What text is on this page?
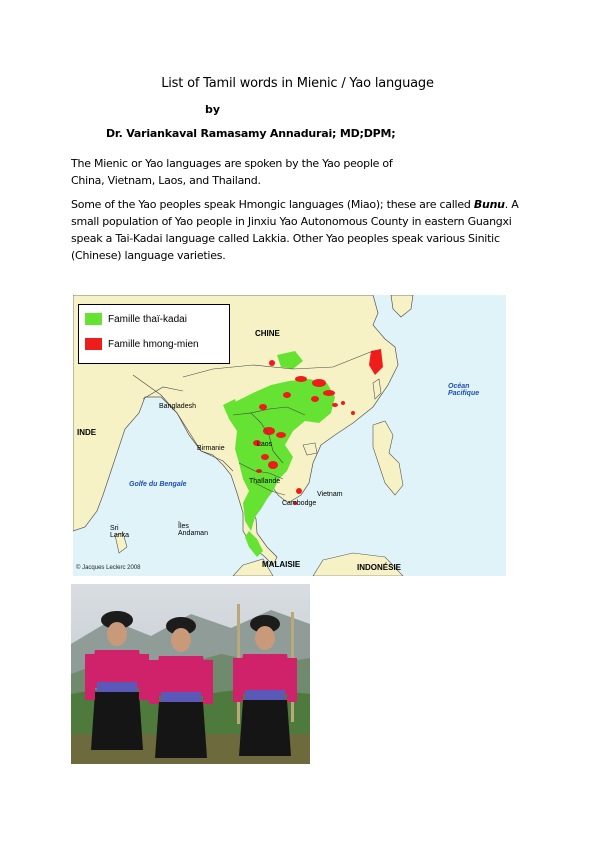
List of Tamil words in Mienic / Yao language
by
Dr. Variankaval Ramasamy Annadurai; MD;DPM;
The Mienic or Yao languages are spoken by the Yao people of China, Vietnam, Laos, and Thailand.
Some of the Yao peoples speak Hmongic languages (Miao); these are called Bunu. A small population of Yao people in Jinxiu Yao Autonomous County in eastern Guangxi speak a Tai-Kadai language called Lakkia. Other Yao peoples speak various Sinitic (Chinese) language varieties.
Famille thaï-kadai
Famille hmong-mien
CHINE
INDE
Bangladesh
Birmanie
Laos
Thaïlande
Vietnam
Cambodge
Golfe du Bengale
Océan Pacifique
Sri Lanka
Îles Andaman
MALAISIE	INDONÉSIE
© Jacques Leclerc 2008
